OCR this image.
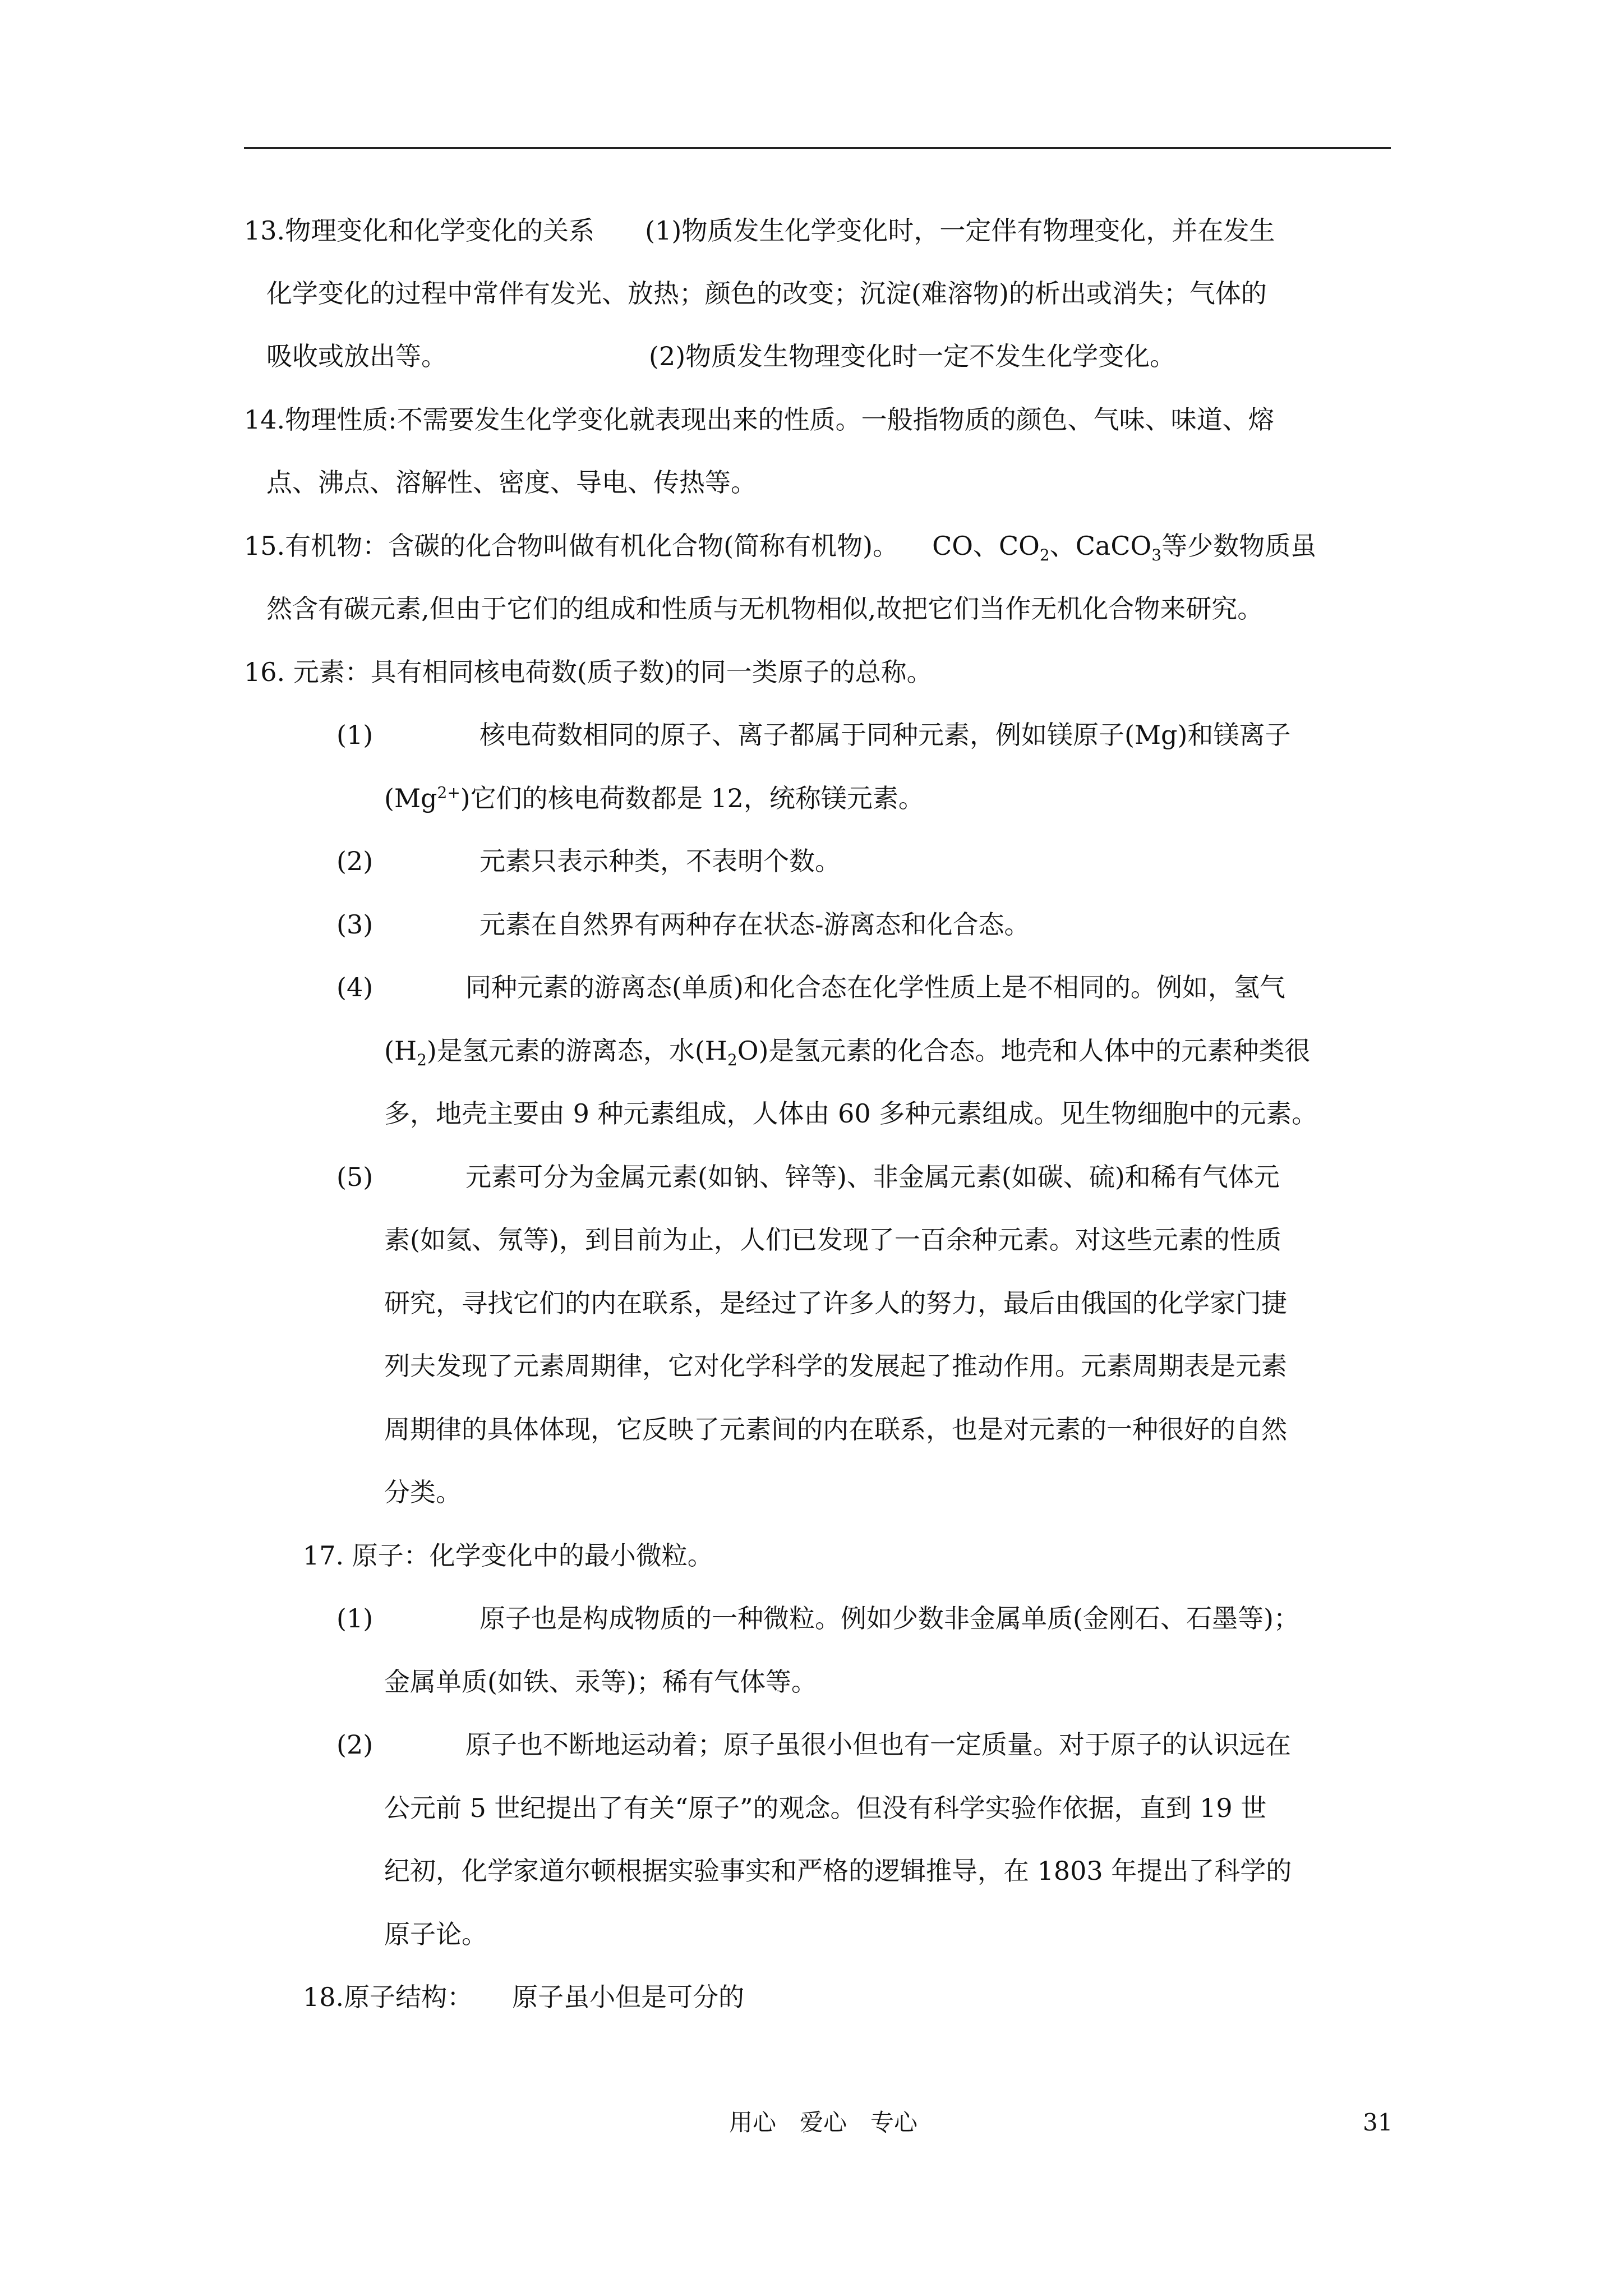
13.物理变化和化学变化的关系 (1)物质发生化学变化时，一定伴有物理变化，并在发生
化学变化的过程中常伴有发光、放热；颜色的改变；沉淀(难溶物)的析出或消失；气体的
吸收或放出等。	(2)物质发生物理变化时一定不发生化学变化。
14.物理性质:不需要发生化学变化就表现出来的性质。一般指物质的颜色、气味、味道、熔
点、沸点、溶解性、密度、导电、传热等。
15.有机物：含碳的化合物叫做有机化合物(简称有机物)。 CO、$CO_2$、CaCO$_3$等少数物质虽
然含有碳元素,但由于它们的组成和性质与无机物相似,故把它们当作无机化合物来研究。
16. 元素：具有相同核电荷数(质子数)的同一类原子的总称。
(1)	核电荷数相同的原子、离子都属于同种元素，例如镁原子(Mg)和镁离子
$(Mg^{2+})$它们的核电荷数都是 12，统称镁元素。
(2)	元素只表示种类，不表明个数。
(3)	元素在自然界有两种存在状态-游离态和化合态。
(4)	同种元素的游离态(单质)和化合态在化学性质上是不相同的。例如，氢气
$(H_2)$是氢元素的游离态，水$(H_2O)$是氢元素的化合态。地壳和人体中的元素种类很
多，地壳主要由 9 种元素组成，人体由 60 多种元素组成。见生物细胞中的元素。
(5)	元素可分为金属元素(如钠、锌等)、非金属元素(如碳、硫)和稀有气体元
素(如氦、氖等)，到目前为止，人们已发现了一百余种元素。对这些元素的性质
研究，寻找它们的内在联系，是经过了许多人的努力，最后由俄国的化学家门捷
列夫发现了元素周期律，它对化学科学的发展起了推动作用。元素周期表是元素
周期律的具体体现，它反映了元素间的内在联系，也是对元素的一种很好的自然
分类。
17. 原子：化学变化中的最小微粒。
(1)	原子也是构成物质的一种微粒。例如少数非金属单质(金刚石、石墨等)；
金属单质(如铁、汞等)；稀有气体等。
(2)	原子也不断地运动着；原子虽很小但也有一定质量。对于原子的认识远在
公元前 5 世纪提出了有关“原子”的观念。但没有科学实验作依据，直到 19 世
纪初，化学家道尔顿根据实验事实和严格的逻辑推导，在 1803 年提出了科学的
原子论。
18.原子结构： 原子虽小但是可分的
用心　爱心　专心	31
